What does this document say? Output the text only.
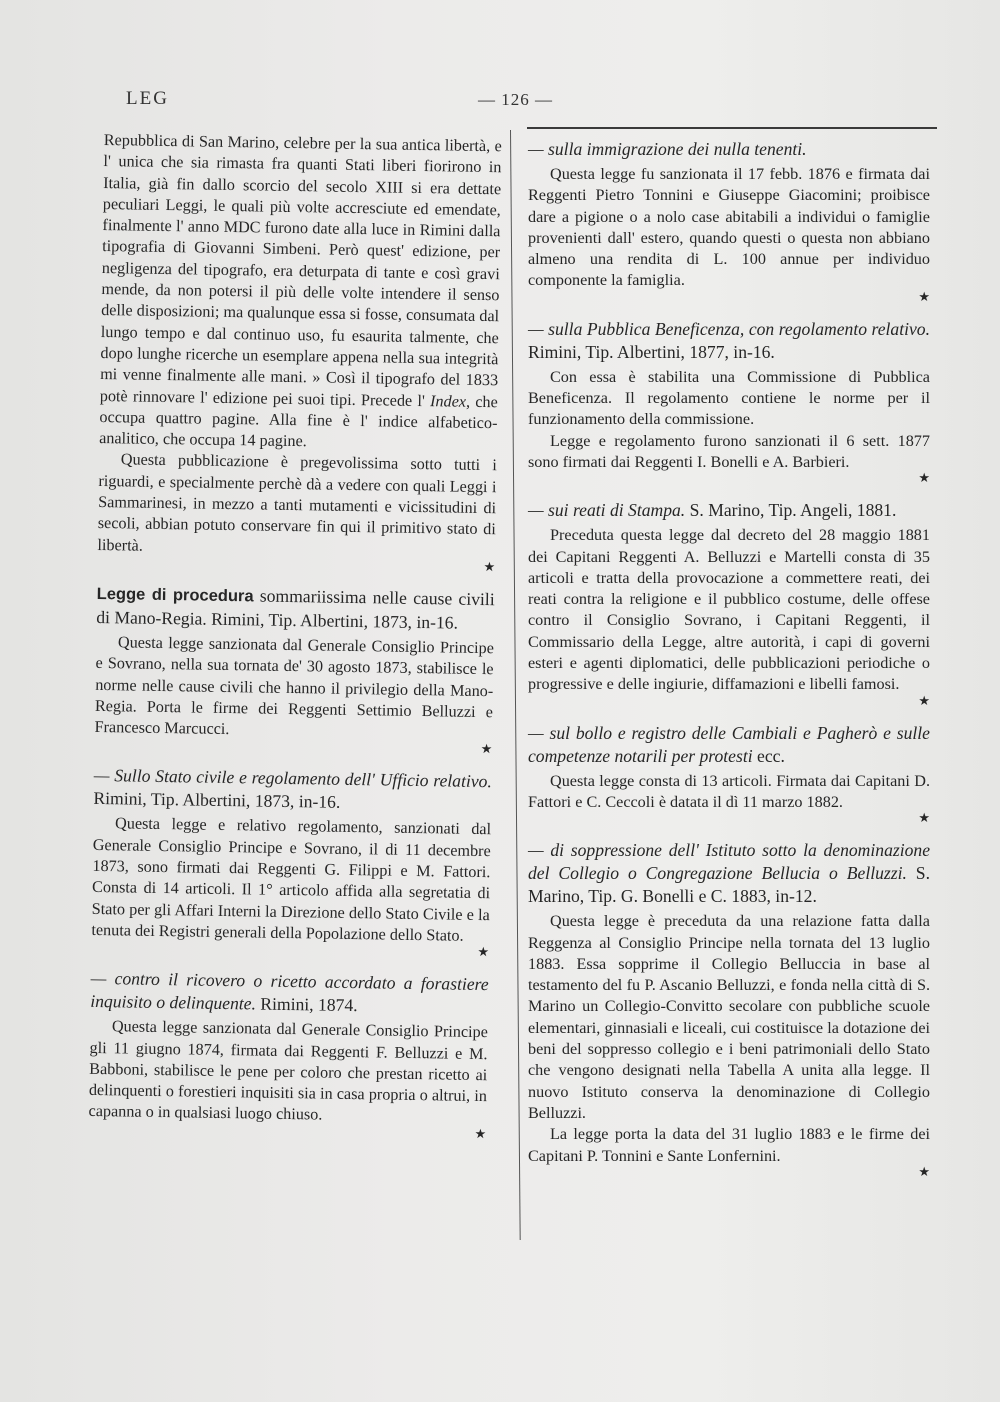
LEG	— 126 —

Repubblica di San Marino, celebre per la sua antica libertà, e l' unica che sia rimasta fra quanti Stati liberi fiorirono in Italia, già fin dallo scorcio del secolo XIII si era dettate peculiari Leggi, le quali più volte accresciute ed emendate, finalmente l' anno MDC furono date alla luce in Rimini dalla tipografia di Giovanni Simbeni. Però quest' edizione, per negligenza del tipografo, era deturpata di tante e così gravi mende, da non potersi il più delle volte intendere il senso delle disposizioni; ma qualunque essa si fosse, consumata dal lungo tempo e dal continuo uso, fu esaurita talmente, che dopo lunghe ricerche un esemplare appena nella sua integrità mi venne finalmente alle mani. » Così il tipografo del 1833 potè rinnovare l' edizione pei suoi tipi. Precede l' Index, che occupa quattro pagine. Alla fine è l' indice alfabetico-analitico, che occupa 14 pagine.

Questa pubblicazione è pregevolissima sotto tutti i riguardi, e specialmente perchè dà a vedere con quali Leggi i Sammarinesi, in mezzo a tanti mutamenti e vicissitudini di secoli, abbian potuto conservare fin qui il primitivo stato di libertà.

★

Legge di procedura sommariissima nelle cause civili di Mano-Regia. Rimini, Tip. Albertini, 1873, in-16.

Questa legge sanzionata dal Generale Consiglio Principe e Sovrano, nella sua tornata de' 30 agosto 1873, stabilisce le norme nelle cause civili che hanno il privilegio della Mano-Regia. Porta le firme dei Reggenti Settimio Belluzzi e Francesco Marcucci.

★

— Sullo Stato civile e regolamento dell' Ufficio relativo. Rimini, Tip. Albertini, 1873, in-16.

Questa legge e relativo regolamento, sanzionati dal Generale Consiglio Principe e Sovrano, il di 11 decembre 1873, sono firmati dai Reggenti G. Filippi e M. Fattori. Consta di 14 articoli. Il 1° articolo affida alla segretatia di Stato per gli Affari Interni la Direzione dello Stato Civile e la tenuta dei Registri generali della Popolazione dello Stato.

★

— contro il ricovero o ricetto accordato a forastiere inquisito o delinquente. Rimini, 1874.

Questa legge sanzionata dal Generale Consiglio Principe gli 11 giugno 1874, firmata dai Reggenti F. Belluzzi e M. Babboni, stabilisce le pene per coloro che prestan ricetto ai delinquenti o forestieri inquisiti sia in casa propria o altrui, in capanna o in qualsiasi luogo chiuso.

★

— sulla immigrazione dei nulla tenenti.

Questa legge fu sanzionata il 17 febb. 1876 e firmata dai Reggenti Pietro Tonnini e Giuseppe Giacomini; proibisce dare a pigione o a nolo case abitabili a individui o famiglie provenienti dall' estero, quando questi o questa non abbiano almeno una rendita di L. 100 annue per individuo componente la famiglia.

★

— sulla Pubblica Beneficenza, con regolamento relativo. Rimini, Tip. Albertini, 1877, in-16.

Con essa è stabilita una Commissione di Pubblica Beneficenza. Il regolamento contiene le norme per il funzionamento della commissione.

Legge e regolamento furono sanzionati il 6 sett. 1877 sono firmati dai Reggenti I. Bonelli e A. Barbieri.

★

— sui reati di Stampa. S. Marino, Tip. Angeli, 1881.

Preceduta questa legge dal decreto del 28 maggio 1881 dei Capitani Reggenti A. Belluzzi e Martelli consta di 35 articoli e tratta della provocazione a commettere reati, dei reati contra la religione e il pubblico costume, delle offese contro il Consiglio Sovrano, i Capitani Reggenti, il Commissario della Legge, altre autorità, i capi di governi esteri e agenti diplomatici, delle pubblicazioni periodiche o progressive e delle ingiurie, diffamazioni e libelli famosi.

★

— sul bollo e registro delle Cambiali e Pagherò e sulle competenze notarili per protesti ecc.

Questa legge consta di 13 articoli. Firmata dai Capitani D. Fattori e C. Ceccoli è datata il dì 11 marzo 1882.

★

— di soppressione dell' Istituto sotto la denominazione del Collegio o Congregazione Bellucia o Belluzzi. S. Marino, Tip. G. Bonelli e C. 1883, in-12.

Questa legge è preceduta da una relazione fatta dalla Reggenza al Consiglio Principe nella tornata del 13 luglio 1883. Essa sopprime il Collegio Belluccia in base al testamento del fu P. Ascanio Belluzzi, e fonda nella città di S. Marino un Collegio-Convitto secolare con pubbliche scuole elementari, ginnasiali e liceali, cui costituisce la dotazione dei beni del soppresso collegio e i beni patrimoniali dello Stato che vengono designati nella Tabella A unita alla legge. Il nuovo Istituto conserva la denominazione di Collegio Belluzzi.

La legge porta la data del 31 luglio 1883 e le firme dei Capitani P. Tonnini e Sante Lonfernini.

★
